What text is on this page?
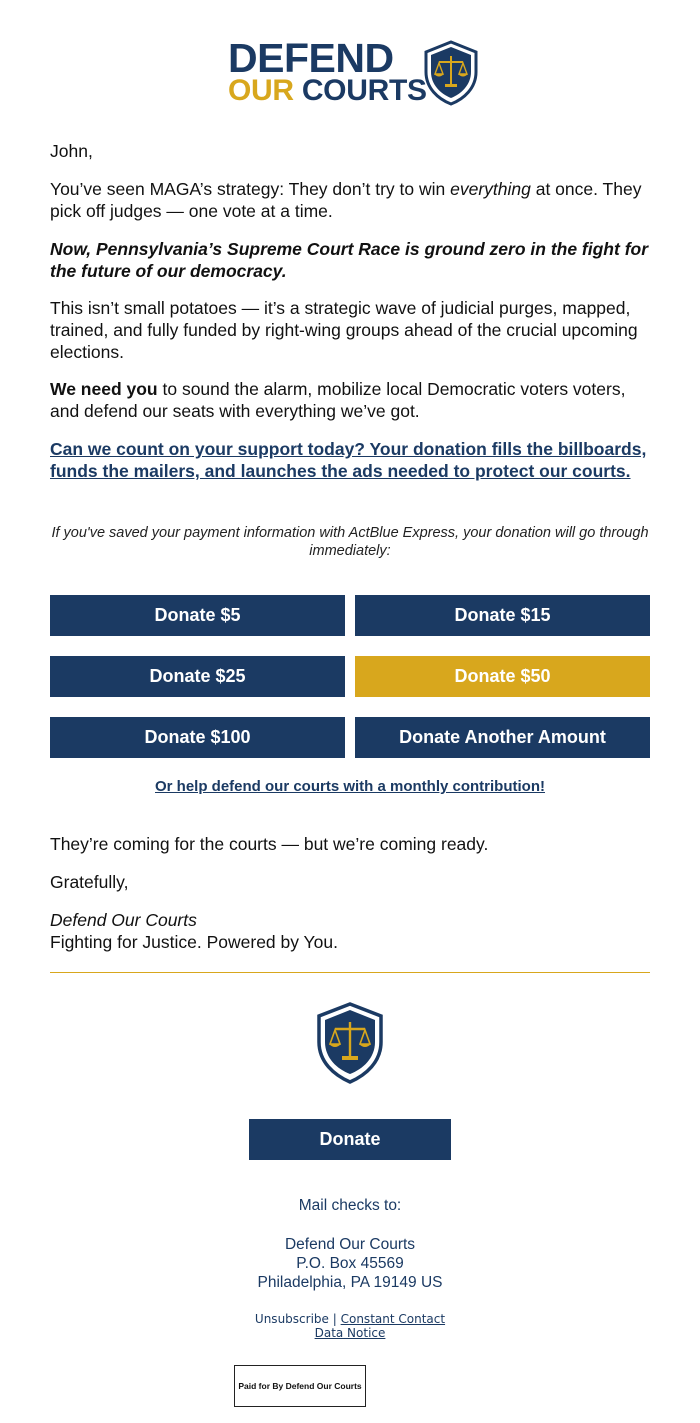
DEFEND
OUR COURTS

John,

You’ve seen MAGA’s strategy: They don’t try to win everything at once. They pick off judges — one vote at a time.

Now, Pennsylvania’s Supreme Court Race is ground zero in the fight for the future of our democracy.

This isn’t small potatoes — it’s a strategic wave of judicial purges, mapped, trained, and fully funded by right-wing groups ahead of the crucial upcoming elections.

We need you to sound the alarm, mobilize local Democratic voters voters, and defend our seats with everything we’ve got.

Can we count on your support today? Your donation fills the billboards, funds the mailers, and launches the ads needed to protect our courts.

If you've saved your payment information with ActBlue Express, your donation will go through immediately:

Donate $5	Donate $15
Donate $25	Donate $50
Donate $100	Donate Another Amount
Or help defend our courts with a monthly contribution!

They’re coming for the courts — but we’re coming ready.

Gratefully,

Defend Our Courts

Fighting for Justice. Powered by You.

Donate
Mail checks to:
Defend Our Courts
P.O. Box 45569
Philadelphia, PA 19149 US
Unsubscribe | Constant Contact
Data Notice
Paid for By Defend Our Courts
